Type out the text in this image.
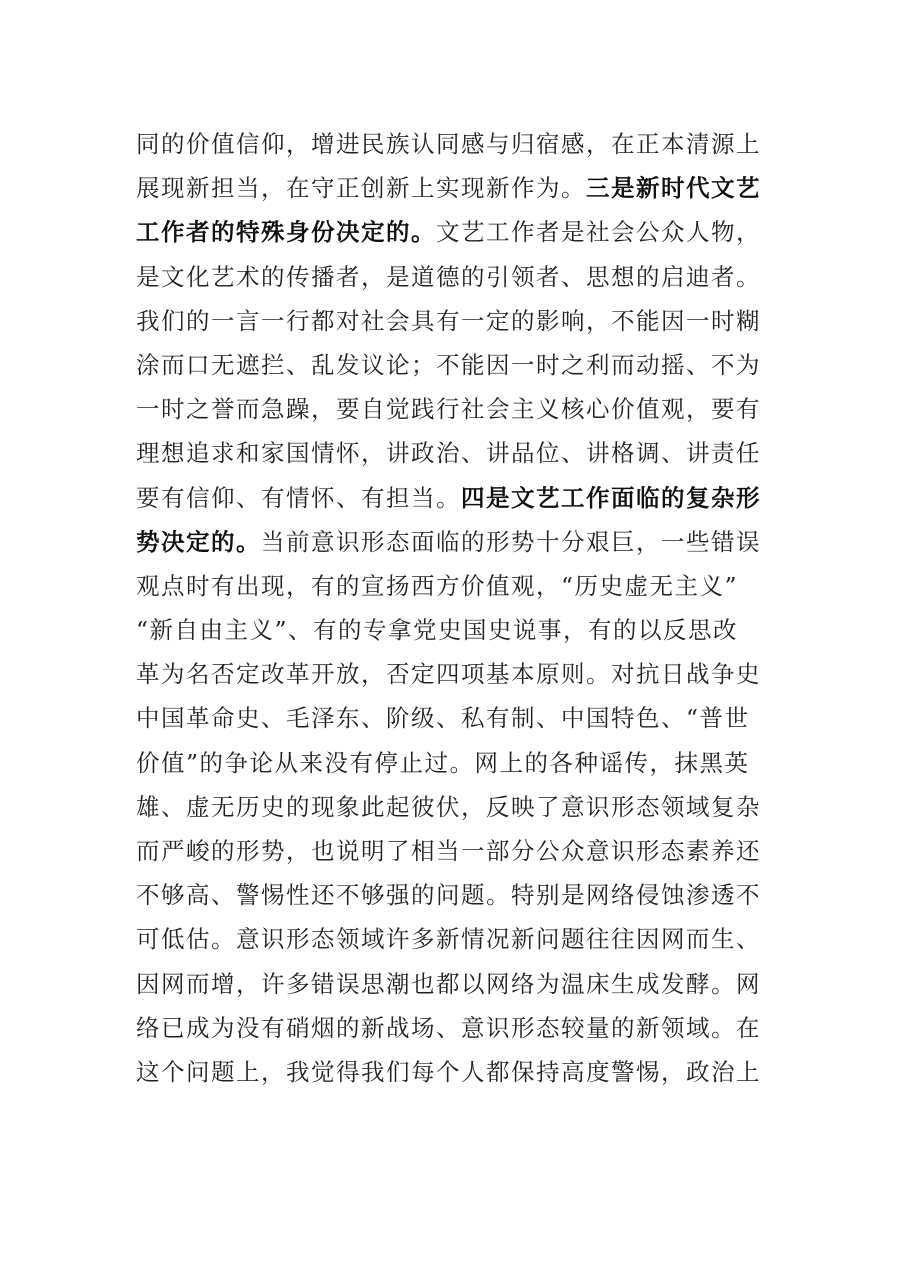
同的价值信仰，增进民族认同感与归宿感，在正本清源上
展现新担当，在守正创新上实现新作为。三是新时代文艺
工作者的特殊身份决定的。文艺工作者是社会公众人物，
是文化艺术的传播者，是道德的引领者、思想的启迪者。
我们的一言一行都对社会具有一定的影响，不能因一时糊
涂而口无遮拦、乱发议论；不能因一时之利而动摇、不为
一时之誉而急躁，要自觉践行社会主义核心价值观，要有
理想追求和家国情怀，讲政治、讲品位、讲格调、讲责任
要有信仰、有情怀、有担当。四是文艺工作面临的复杂形
势决定的。当前意识形态面临的形势十分艰巨，一些错误
观点时有出现，有的宣扬西方价值观，“历史虚无主义”
“新自由主义”、有的专拿党史国史说事，有的以反思改
革为名否定改革开放，否定四项基本原则。对抗日战争史
中国革命史、毛泽东、阶级、私有制、中国特色、“普世
价值”的争论从来没有停止过。网上的各种谣传，抹黑英
雄、虚无历史的现象此起彼伏，反映了意识形态领域复杂
而严峻的形势，也说明了相当一部分公众意识形态素养还
不够高、警惕性还不够强的问题。特别是网络侵蚀渗透不
可低估。意识形态领域许多新情况新问题往往因网而生、
因网而增，许多错误思潮也都以网络为温床生成发酵。网
络已成为没有硝烟的新战场、意识形态较量的新领域。在
这个问题上，我觉得我们每个人都保持高度警惕，政治上
